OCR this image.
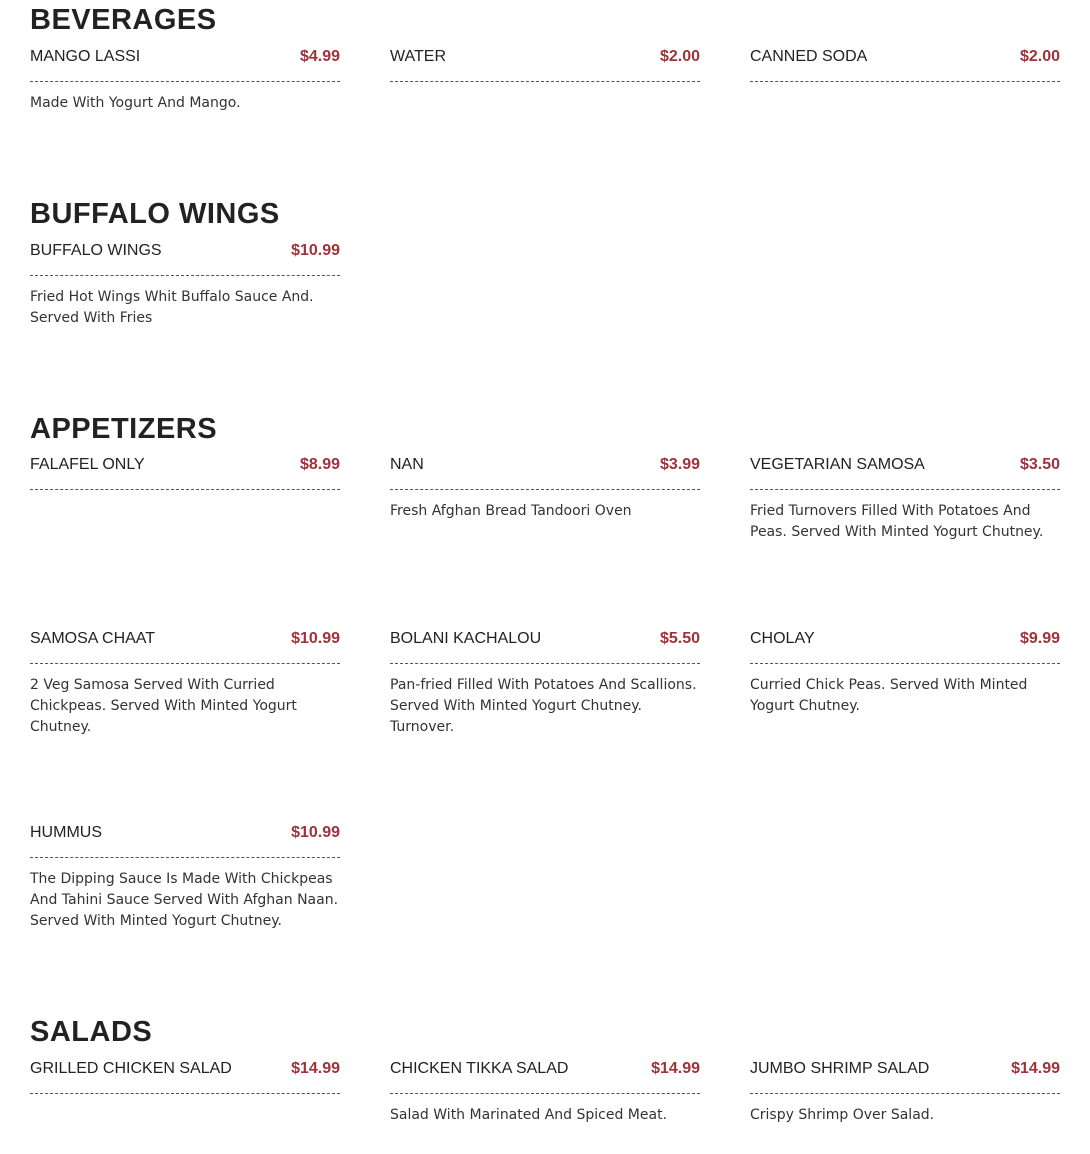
BEVERAGES
MANGO LASSI	$4.99
Made With Yogurt And Mango.
WATER	$2.00	CANNED SODA	$2.00
BUFFALO WINGS
BUFFALO WINGS	$10.99
Fried Hot Wings Whit Buffalo Sauce And. Served With Fries
APPETIZERS
FALAFEL ONLY	$8.99	NAN	$3.99
Fresh Afghan Bread Tandoori Oven
VEGETARIAN SAMOSA	$3.50
Fried Turnovers Filled With Potatoes And Peas. Served With Minted Yogurt Chutney.
SAMOSA CHAAT	$10.99
2 Veg Samosa Served With Curried Chickpeas. Served With Minted Yogurt Chutney.
BOLANI KACHALOU	$5.50
Pan-fried Filled With Potatoes And Scallions. Served With Minted Yogurt Chutney. Turnover.
CHOLAY	$9.99
Curried Chick Peas. Served With Minted Yogurt Chutney.
HUMMUS	$10.99
The Dipping Sauce Is Made With Chickpeas And Tahini Sauce Served With Afghan Naan. Served With Minted Yogurt Chutney.
SALADS
GRILLED CHICKEN SALAD	$14.99	CHICKEN TIKKA SALAD	$14.99
Salad With Marinated And Spiced Meat.
JUMBO SHRIMP SALAD	$14.99
Crispy Shrimp Over Salad.
